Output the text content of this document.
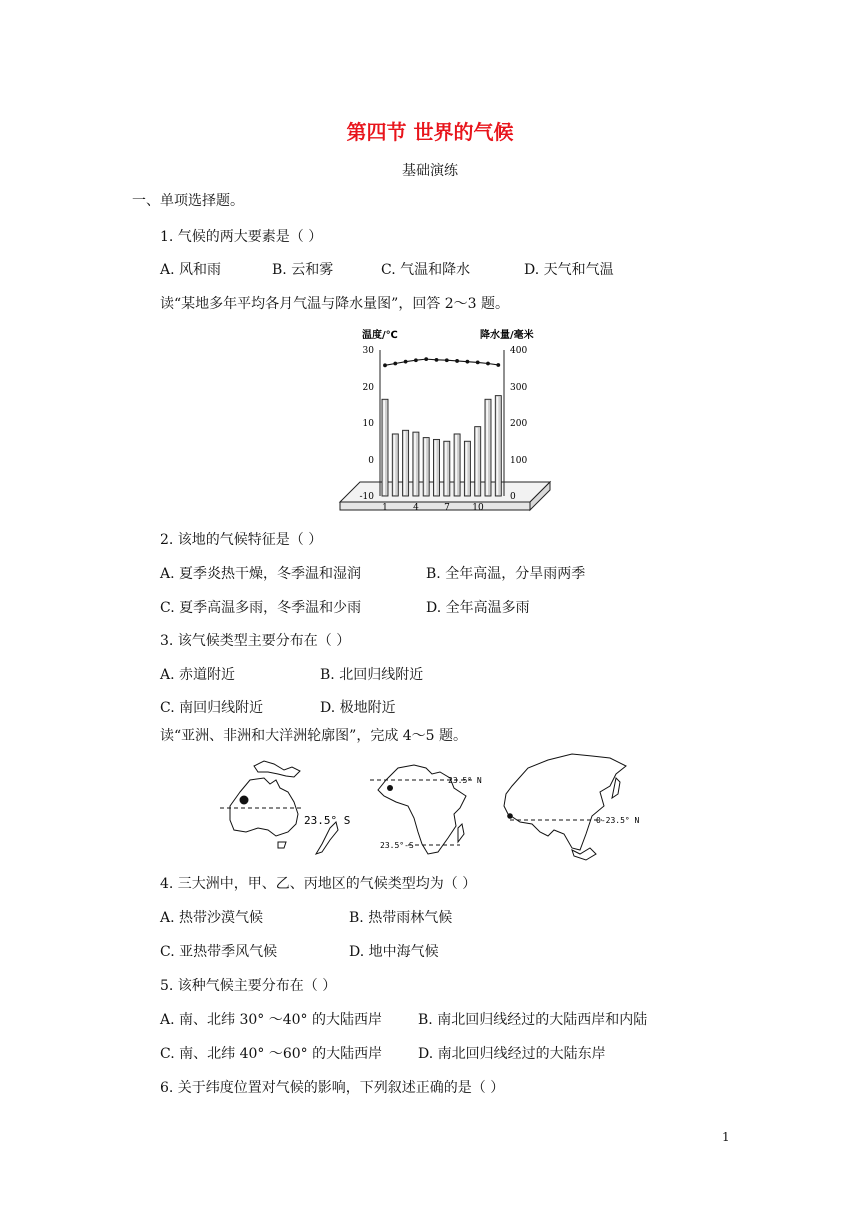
第四节 世界的气候
基础演练
一、单项选择题。
1. 气候的两大要素是（ ）
A. 风和雨	B. 云和雾	C. 气温和降水	D. 天气和气温
读“某地多年平均各月气温与降水量图”，回答 2～3 题。
温度/℃	降水量/毫米
30
20
10
0
-10
400
300
200
100
0
1	4	7 10
2. 该地的气候特征是（ ）
A. 夏季炎热干燥，冬季温和湿润	B. 全年高温，分旱雨两季
C. 夏季高温多雨，冬季温和少雨	D. 全年高温多雨
3. 该气候类型主要分布在（ ）
A. 赤道附近	B. 北回归线附近
C. 南回归线附近	D. 极地附近
读“亚洲、非洲和大洋洲轮廓图”，完成 4～5 题。
23.5° S
23.5° N
23.5°-S
0-23.5° N
4. 三大洲中，甲、乙、丙地区的气候类型均为（ ）
A. 热带沙漠气候	B. 热带雨林气候
C. 亚热带季风气候	D. 地中海气候
5. 该种气候主要分布在（ ）
A. 南、北纬 30° ～40° 的大陆西岸	B. 南北回归线经过的大陆西岸和内陆
C. 南、北纬 40° ～60° 的大陆西岸	D. 南北回归线经过的大陆东岸
6. 关于纬度位置对气候的影响，下列叙述正确的是（ ）
1
